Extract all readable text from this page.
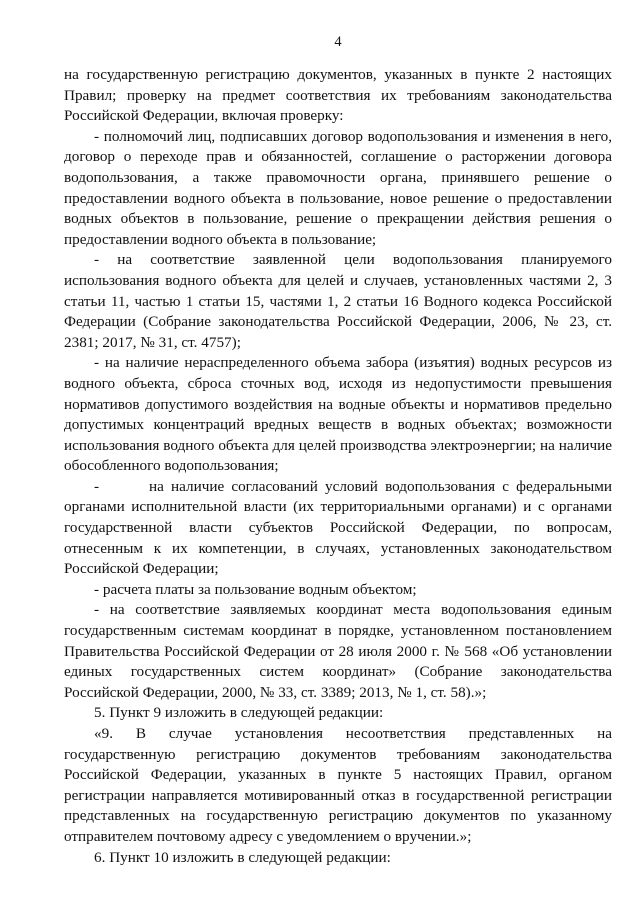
4

на государственную регистрацию документов, указанных в пункте 2 настоящих Правил; проверку на предмет соответствия их требованиям законодательства Российской Федерации, включая проверку:

- полномочий лиц, подписавших договор водопользования и изменения в него, договор о переходе прав и обязанностей, соглашение о расторжении договора водопользования, а также правомочности органа, принявшего решение о предоставлении водного объекта в пользование, новое решение о предоставлении водных объектов в пользование, решение о прекращении действия решения о предоставлении водного объекта в пользование;

- на соответствие заявленной цели водопользования планируемого использования водного объекта для целей и случаев, установленных частями 2, 3 статьи 11, частью 1 статьи 15, частями 1, 2 статьи 16 Водного кодекса Российской Федерации (Собрание законодательства Российской Федерации, 2006, № 23, ст. 2381; 2017, № 31, ст. 4757);

- на наличие нераспределенного объема забора (изъятия) водных ресурсов из водного объекта, сброса сточных вод, исходя из недопустимости превышения нормативов допустимого воздействия на водные объекты и нормативов предельно допустимых концентраций вредных веществ в водных объектах; возможности использования водного объекта для целей производства электроэнергии; на наличие обособленного водопользования;

-       на наличие согласований условий водопользования с федеральными органами исполнительной власти (их территориальными органами) и с органами государственной власти субъектов Российской Федерации, по вопросам, отнесенным к их компетенции, в случаях, установленных законодательством Российской Федерации;

- расчета платы за пользование водным объектом;

- на соответствие заявляемых координат места водопользования единым государственным системам координат в порядке, установленном постановлением Правительства Российской Федерации от 28 июля 2000 г. № 568 «Об установлении единых государственных систем координат» (Собрание законодательства Российской Федерации, 2000, № 33, ст. 3389; 2013, № 1, ст. 58).»;

5. Пункт 9 изложить в следующей редакции:

«9. В случае установления несоответствия представленных на государственную регистрацию документов требованиям законодательства Российской Федерации, указанных в пункте 5 настоящих Правил, органом регистрации направляется мотивированный отказ в государственной регистрации представленных на государственную регистрацию документов по указанному отправителем почтовому адресу с уведомлением о вручении.»;

6. Пункт 10 изложить в следующей редакции:
